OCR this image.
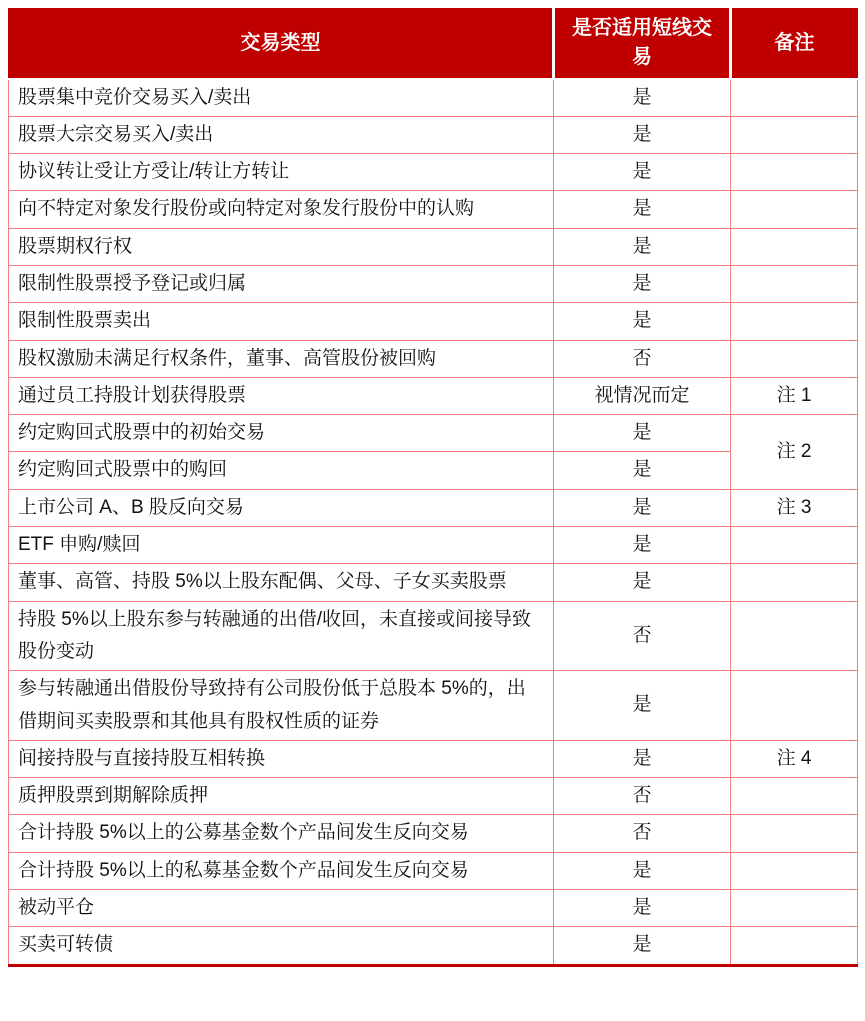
交易类型	是否适用短线交易	备注
股票集中竞价交易买入/卖出	是	
股票大宗交易买入/卖出	是	
协议转让受让方受让/转让方转让	是	
向不特定对象发行股份或向特定对象发行股份中的认购	是	
股票期权行权	是	
限制性股票授予登记或归属	是	
限制性股票卖出	是	
股权激励未满足行权条件，董事、高管股份被回购	否	
通过员工持股计划获得股票	视情况而定	注 1
约定购回式股票中的初始交易	是	注 2
约定购回式股票中的购回	是	
上市公司 A、B 股反向交易	是	注 3
ETF 申购/赎回	是	
董事、高管、持股 5%以上股东配偶、父母、子女买卖股票	是	
持股 5%以上股东参与转融通的出借/收回，未直接或间接导致股份变动	否	
参与转融通出借股份导致持有公司股份低于总股本 5%的，出借期间买卖股票和其他具有股权性质的证券	是	
间接持股与直接持股互相转换	是	注 4
质押股票到期解除质押	否	
合计持股 5%以上的公募基金数个产品间发生反向交易	否	
合计持股 5%以上的私募基金数个产品间发生反向交易	是	
被动平仓	是	
买卖可转债	是	
